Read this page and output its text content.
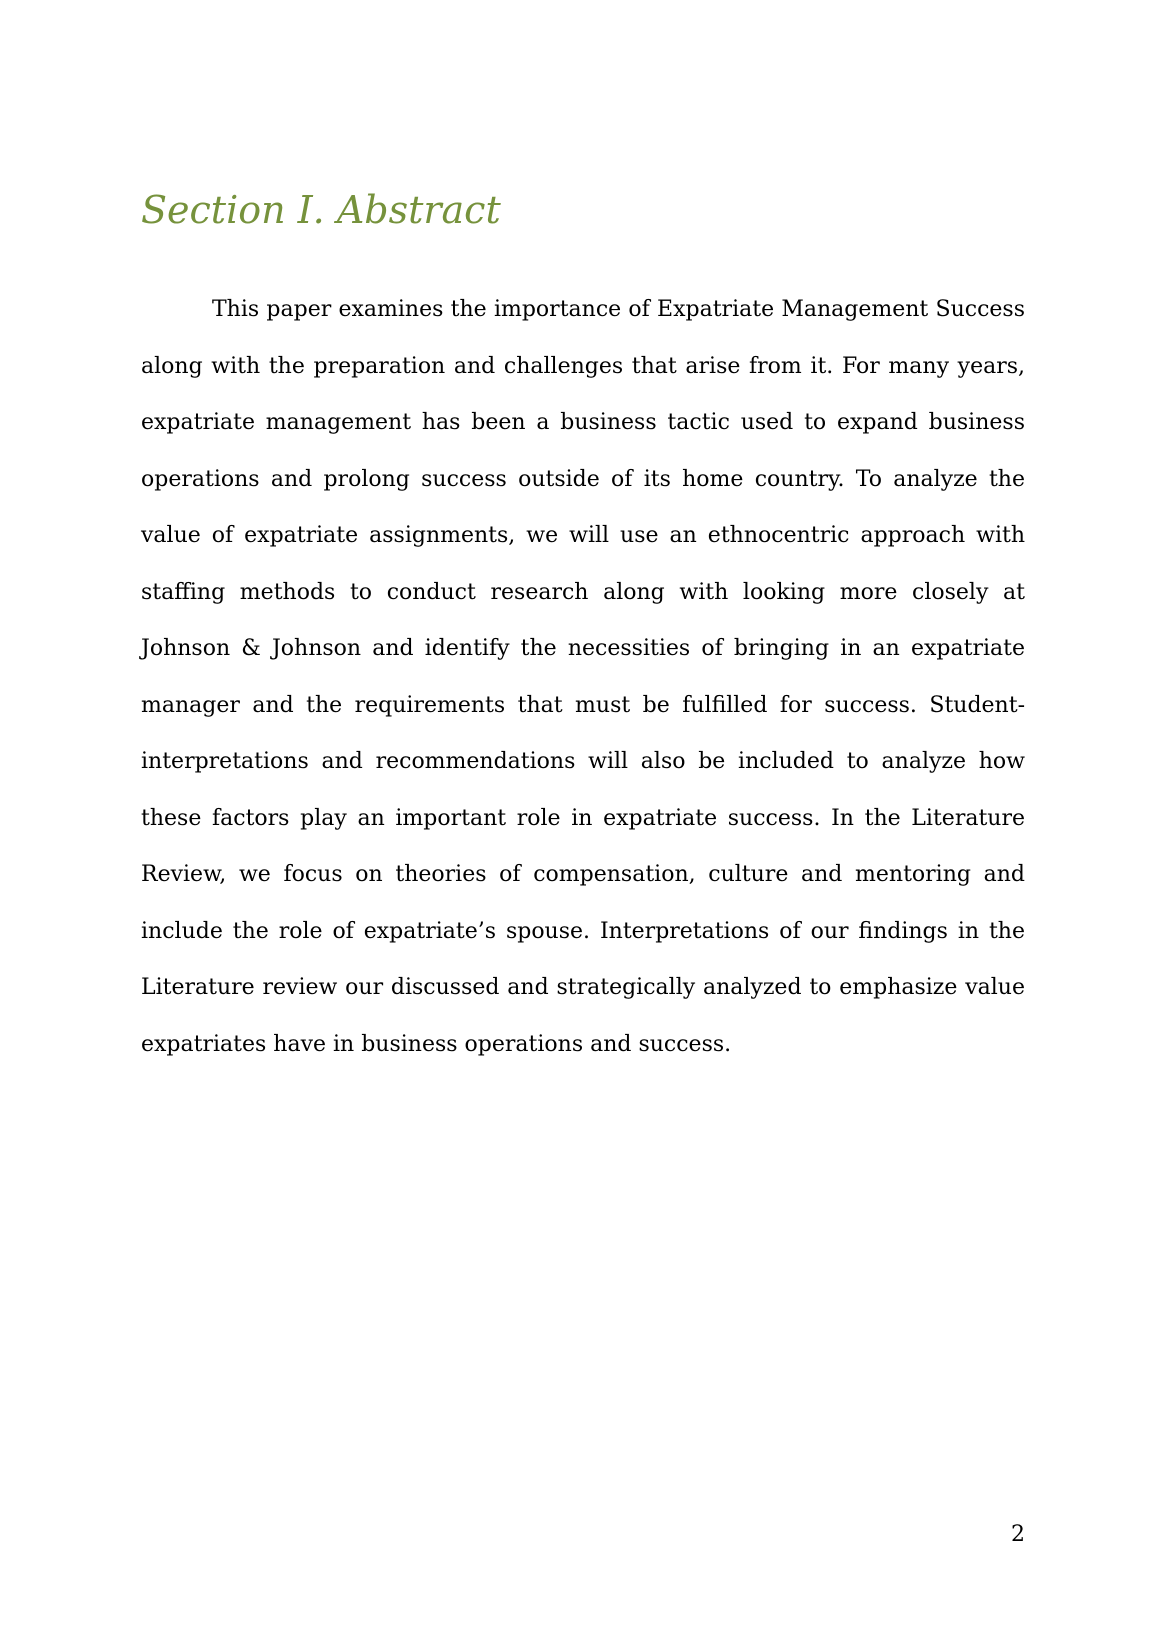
Section I. Abstract

This paper examines the importance of Expatriate Management Success along with the preparation and challenges that arise from it. For many years, expatriate management has been a business tactic used to expand business operations and prolong success outside of its home country. To analyze the value of expatriate assignments, we will use an ethnocentric approach with staffing methods to conduct research along with looking more closely at Johnson & Johnson and identify the necessities of bringing in an expatriate manager and the requirements that must be fulfilled for success. Student-interpretations and recommendations will also be included to analyze how these factors play an important role in expatriate success. In the Literature Review, we focus on theories of compensation, culture and mentoring and include the role of expatriate’s spouse. Interpretations of our findings in the Literature review our discussed and strategically analyzed to emphasize value expatriates have in business operations and success.

2
